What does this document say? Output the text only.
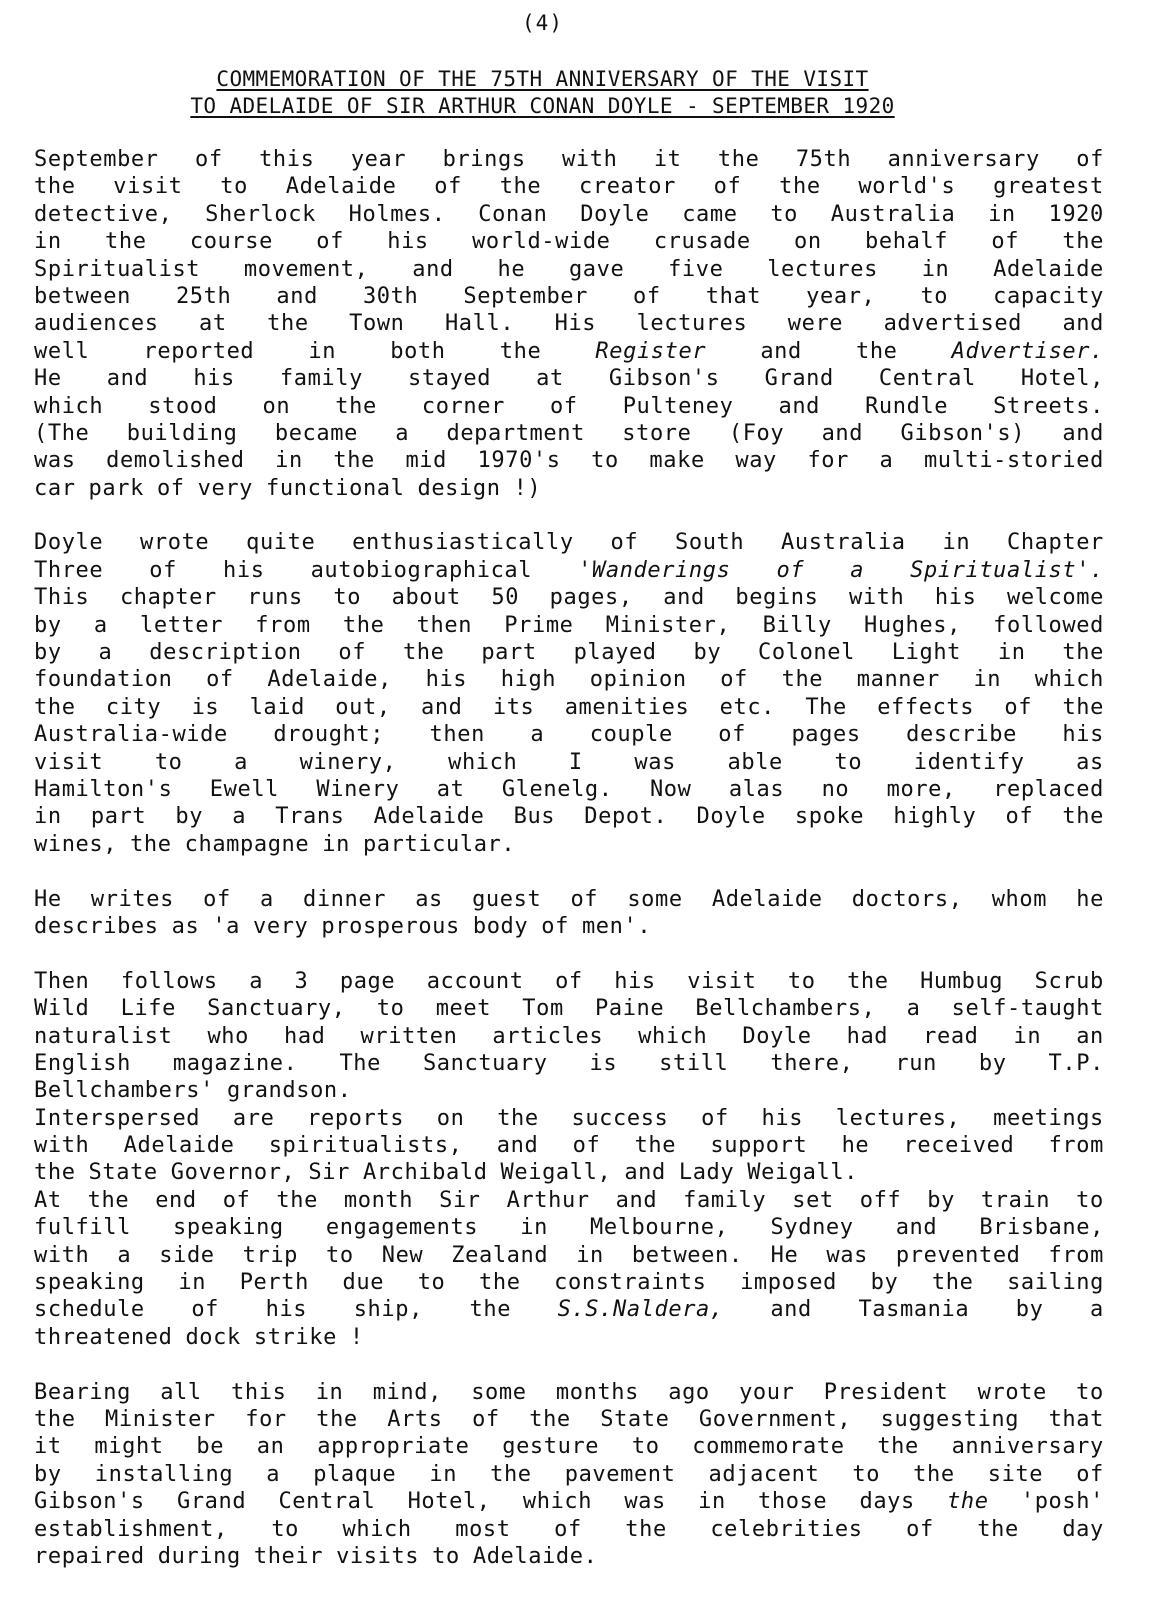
(4)
COMMEMORATION OF THE 75TH ANNIVERSARY OF THE VISIT
TO ADELAIDE OF SIR ARTHUR CONAN DOYLE - SEPTEMBER 1920
September of this year brings with it the 75th anniversary of
the visit to Adelaide of the creator of the world's greatest
detective, Sherlock Holmes. Conan Doyle came to Australia in 1920
in the course of his world-wide crusade on behalf of the
Spiritualist movement, and he gave five lectures in Adelaide
between 25th and 30th September of that year, to capacity
audiences at the Town Hall. His lectures were advertised and
well reported in both the Register and the Advertiser.
He and his family stayed at Gibson's Grand Central Hotel,
which stood on the corner of Pulteney and Rundle Streets.
(The building became a department store (Foy and Gibson's) and
was demolished in the mid 1970's to make way for a multi-storied
car park of very functional design !)
Doyle wrote quite enthusiastically of South Australia in Chapter
Three of his autobiographical 'Wanderings of a Spiritualist'.
This chapter runs to about 50 pages, and begins with his welcome
by a letter from the then Prime Minister, Billy Hughes, followed
by a description of the part played by Colonel Light in the
foundation of Adelaide, his high opinion of the manner in which
the city is laid out, and its amenities etc. The effects of the
Australia-wide drought; then a couple of pages describe his
visit to a winery, which I was able to identify as
Hamilton's Ewell Winery at Glenelg. Now alas no more, replaced
in part by a Trans Adelaide Bus Depot. Doyle spoke highly of the
wines, the champagne in particular.
He writes of a dinner as guest of some Adelaide doctors, whom he
describes as 'a very prosperous body of men'.
Then follows a 3 page account of his visit to the Humbug Scrub
Wild Life Sanctuary, to meet Tom Paine Bellchambers, a self-taught
naturalist who had written articles which Doyle had read in an
English magazine. The Sanctuary is still there, run by T.P.
Bellchambers' grandson.
Interspersed are reports on the success of his lectures, meetings
with Adelaide spiritualists, and of the support he received from
the State Governor, Sir Archibald Weigall, and Lady Weigall.
At the end of the month Sir Arthur and family set off by train to
fulfill speaking engagements in Melbourne, Sydney and Brisbane,
with a side trip to New Zealand in between. He was prevented from
speaking in Perth due to the constraints imposed by the sailing
schedule of his ship, the S.S.Naldera, and Tasmania by a
threatened dock strike !
Bearing all this in mind, some months ago your President wrote to
the Minister for the Arts of the State Government, suggesting that
it might be an appropriate gesture to commemorate the anniversary
by installing a plaque in the pavement adjacent to the site of
Gibson's Grand Central Hotel, which was in those days the 'posh'
establishment, to which most of the celebrities of the day
repaired during their visits to Adelaide.
